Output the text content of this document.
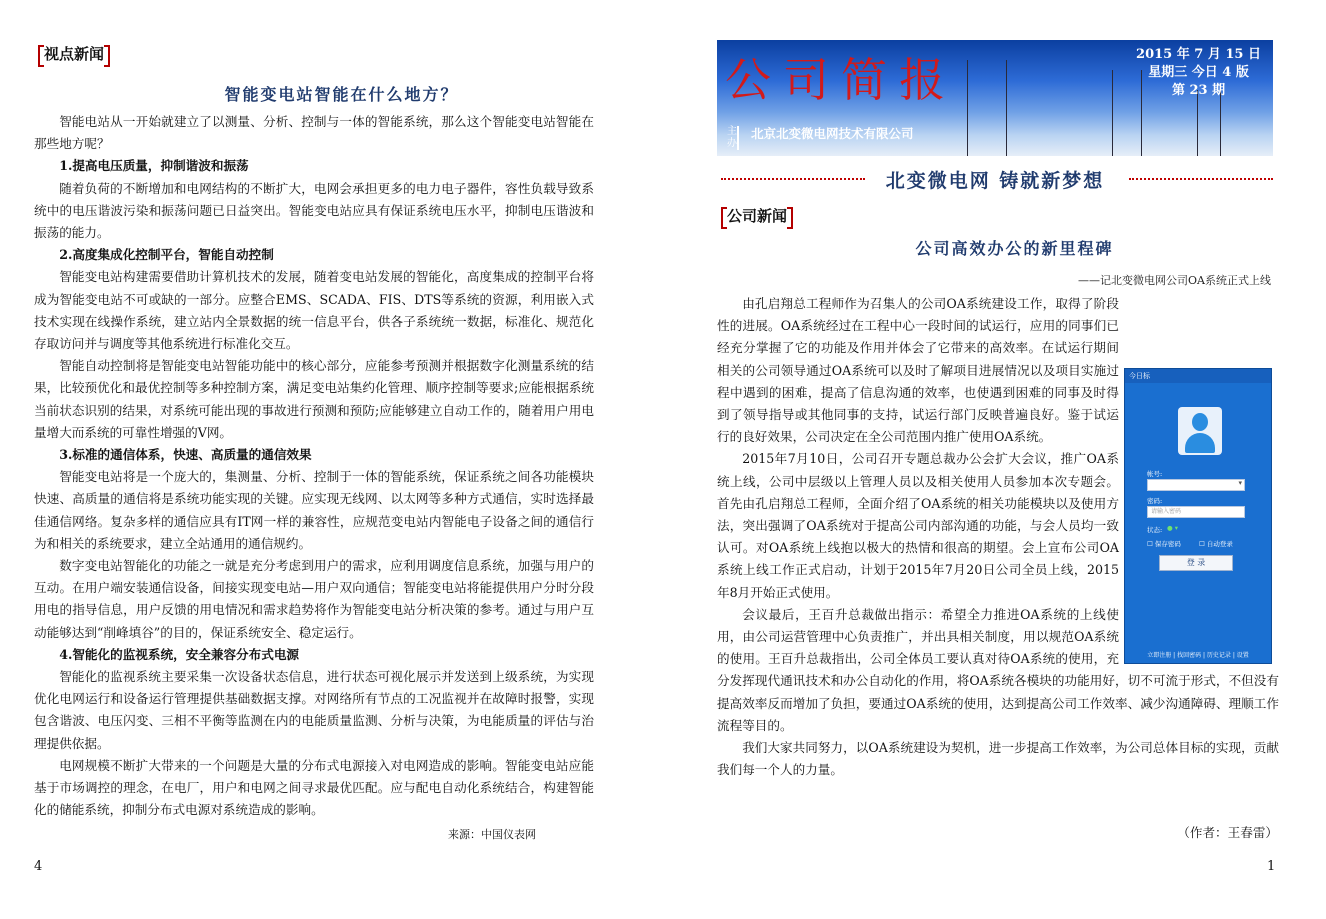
视点新闻
智能变电站智能在什么地方？

智能电站从一开始就建立了以测量、分析、控制与一体的智能系统，那么这个智能变电站智能在那些地方呢？

1.提高电压质量，抑制谐波和振荡

随着负荷的不断增加和电网结构的不断扩大，电网会承担更多的电力电子器件，容性负载导致系统中的电压谐波污染和振荡问题已日益突出。智能变电站应具有保证系统电压水平，抑制电压谐波和振荡的能力。

2.高度集成化控制平台，智能自动控制

智能变电站构建需要借助计算机技术的发展，随着变电站发展的智能化，高度集成的控制平台将成为智能变电站不可或缺的一部分。应整合EMS、SCADA、FIS、DTS等系统的资源，利用嵌入式技术实现在线操作系统，建立站内全景数据的统一信息平台，供各子系统统一数据，标准化、规范化存取访问并与调度等其他系统进行标准化交互。

智能自动控制将是智能变电站智能功能中的核心部分，应能参考预测并根据数字化测量系统的结果，比较预优化和最优控制等多种控制方案，满足变电站集约化管理、顺序控制等要求;应能根据系统当前状态识别的结果，对系统可能出现的事故进行预测和预防;应能够建立自动工作的，随着用户用电量增大而系统的可靠性增强的V网。

3.标准的通信体系，快速、高质量的通信效果

智能变电站将是一个庞大的，集测量、分析、控制于一体的智能系统，保证系统之间各功能模块快速、高质量的通信将是系统功能实现的关键。应实现无线网、以太网等多种方式通信，实时选择最佳通信网络。复杂多样的通信应具有IT网一样的兼容性，应规范变电站内智能电子设备之间的通信行为和相关的系统要求，建立全站通用的通信规约。

数字变电站智能化的功能之一就是充分考虑到用户的需求，应利用调度信息系统，加强与用户的互动。在用户端安装通信设备，间接实现变电站—用户双向通信；智能变电站将能提供用户分时分段用电的指导信息，用户反馈的用电情况和需求趋势将作为智能变电站分析决策的参考。通过与用户互动能够达到“削峰填谷”的目的，保证系统安全、稳定运行。

4.智能化的监视系统，安全兼容分布式电源

智能化的监视系统主要采集一次设备状态信息，进行状态可视化展示并发送到上级系统，为实现优化电网运行和设备运行管理提供基础数据支撑。对网络所有节点的工况监视并在故障时报警，实现包含谐波、电压闪变、三相不平衡等监测在内的电能质量监测、分析与决策，为电能质量的评估与治理提供依据。

电网规模不断扩大带来的一个问题是大量的分布式电源接入对电网造成的影响。智能变电站应能基于市场调控的理念，在电厂，用户和电网之间寻求最优匹配。应与配电自动化系统结合，构建智能化的储能系统，抑制分布式电源对系统造成的影响。

来源：中国仪表网
4
公司简报	2015 年 7 月 15 日
星期三 今日 4 版
第 23 期
主办
北京北变微电网技术有限公司
北变微电网 铸就新梦想
公司新闻
公司高效办公的新里程碑
——记北变微电网公司OA系统正式上线

由孔启翔总工程师作为召集人的公司OA系统建设工作，取得了阶段性的进展。OA系统经过在工程中心一段时间的试运行，应用的同事们已经充分掌握了它的功能及作用并体会了它带来的高效率。在试运行期间相关的公司领导通过OA系统可以及时了解项目进展情况以及项目实施过程中遇到的困难，提高了信息沟通的效率，也使遇到困难的同事及时得到了领导指导或其他同事的支持，试运行部门反映普遍良好。鉴于试运行的良好效果，公司决定在全公司范围内推广使用OA系统。

2015年7月10日，公司召开专题总裁办公会扩大会议，推广OA系统上线，公司中层级以上管理人员以及相关使用人员参加本次专题会。首先由孔启翔总工程师，全面介绍了OA系统的相关功能模块以及使用方法，突出强调了OA系统对于提高公司内部沟通的功能，与会人员均一致认可。对OA系统上线抱以极大的热情和很高的期望。会上宣布公司OA系统上线工作正式启动，计划于2015年7月20日公司全员上线，2015年8月开始正式使用。

会议最后，王百升总裁做出指示：希望全力推进OA系统的上线使用，由公司运营管理中心负责推广，并出具相关制度，用以规范OA系统的使用。王百升总裁指出，公司全体员工要认真对待OA系统的使用，充分发挥现代通讯技术和办公自动化的作用，将OA系统各模块的功能用好，切不可流于形式，不但没有提高效率反而增加了负担，要通过OA系统的使用，达到提高公司工作效率、减少沟通障碍、理顺工作流程等目的。

我们大家共同努力，以OA系统建设为契机，进一步提高工作效率，为公司总体目标的实现，贡献我们每一个人的力量。

今日标
帐号:
▾
密码:
请输入密码
状态: ● ▾
☐ 保存密码	☐ 自动登录
登 录
立即注册 | 找回密码 | 历史记录 | 设置
（作者：王春雷）
1
